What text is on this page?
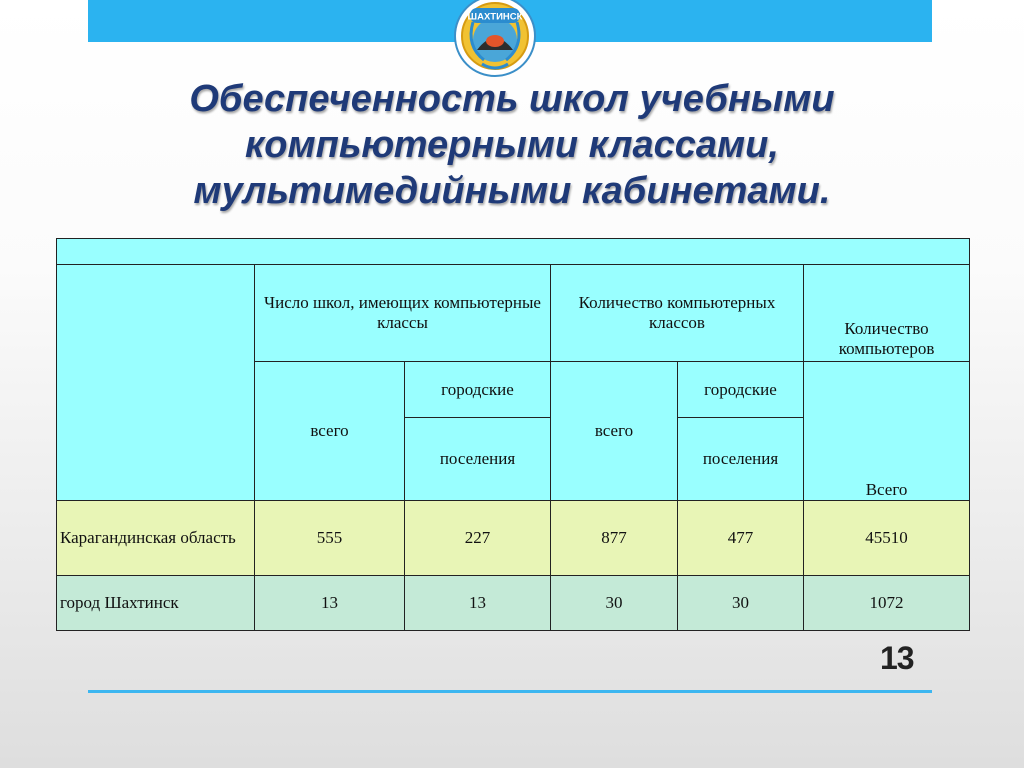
ШАХТИНСК
Обеспеченность школ учебными компьютерными классами, мультимедийными кабинетами.

	Число школ, имеющих компьютерные классы		Количество компьютерных классов		Количество компьютеров
	всего	городские	всего	городские	Всего
		поселения		поселения	
Карагандинская область	555	227	877	477	45510
город Шахтинск	13	13	30	30	1072
13
